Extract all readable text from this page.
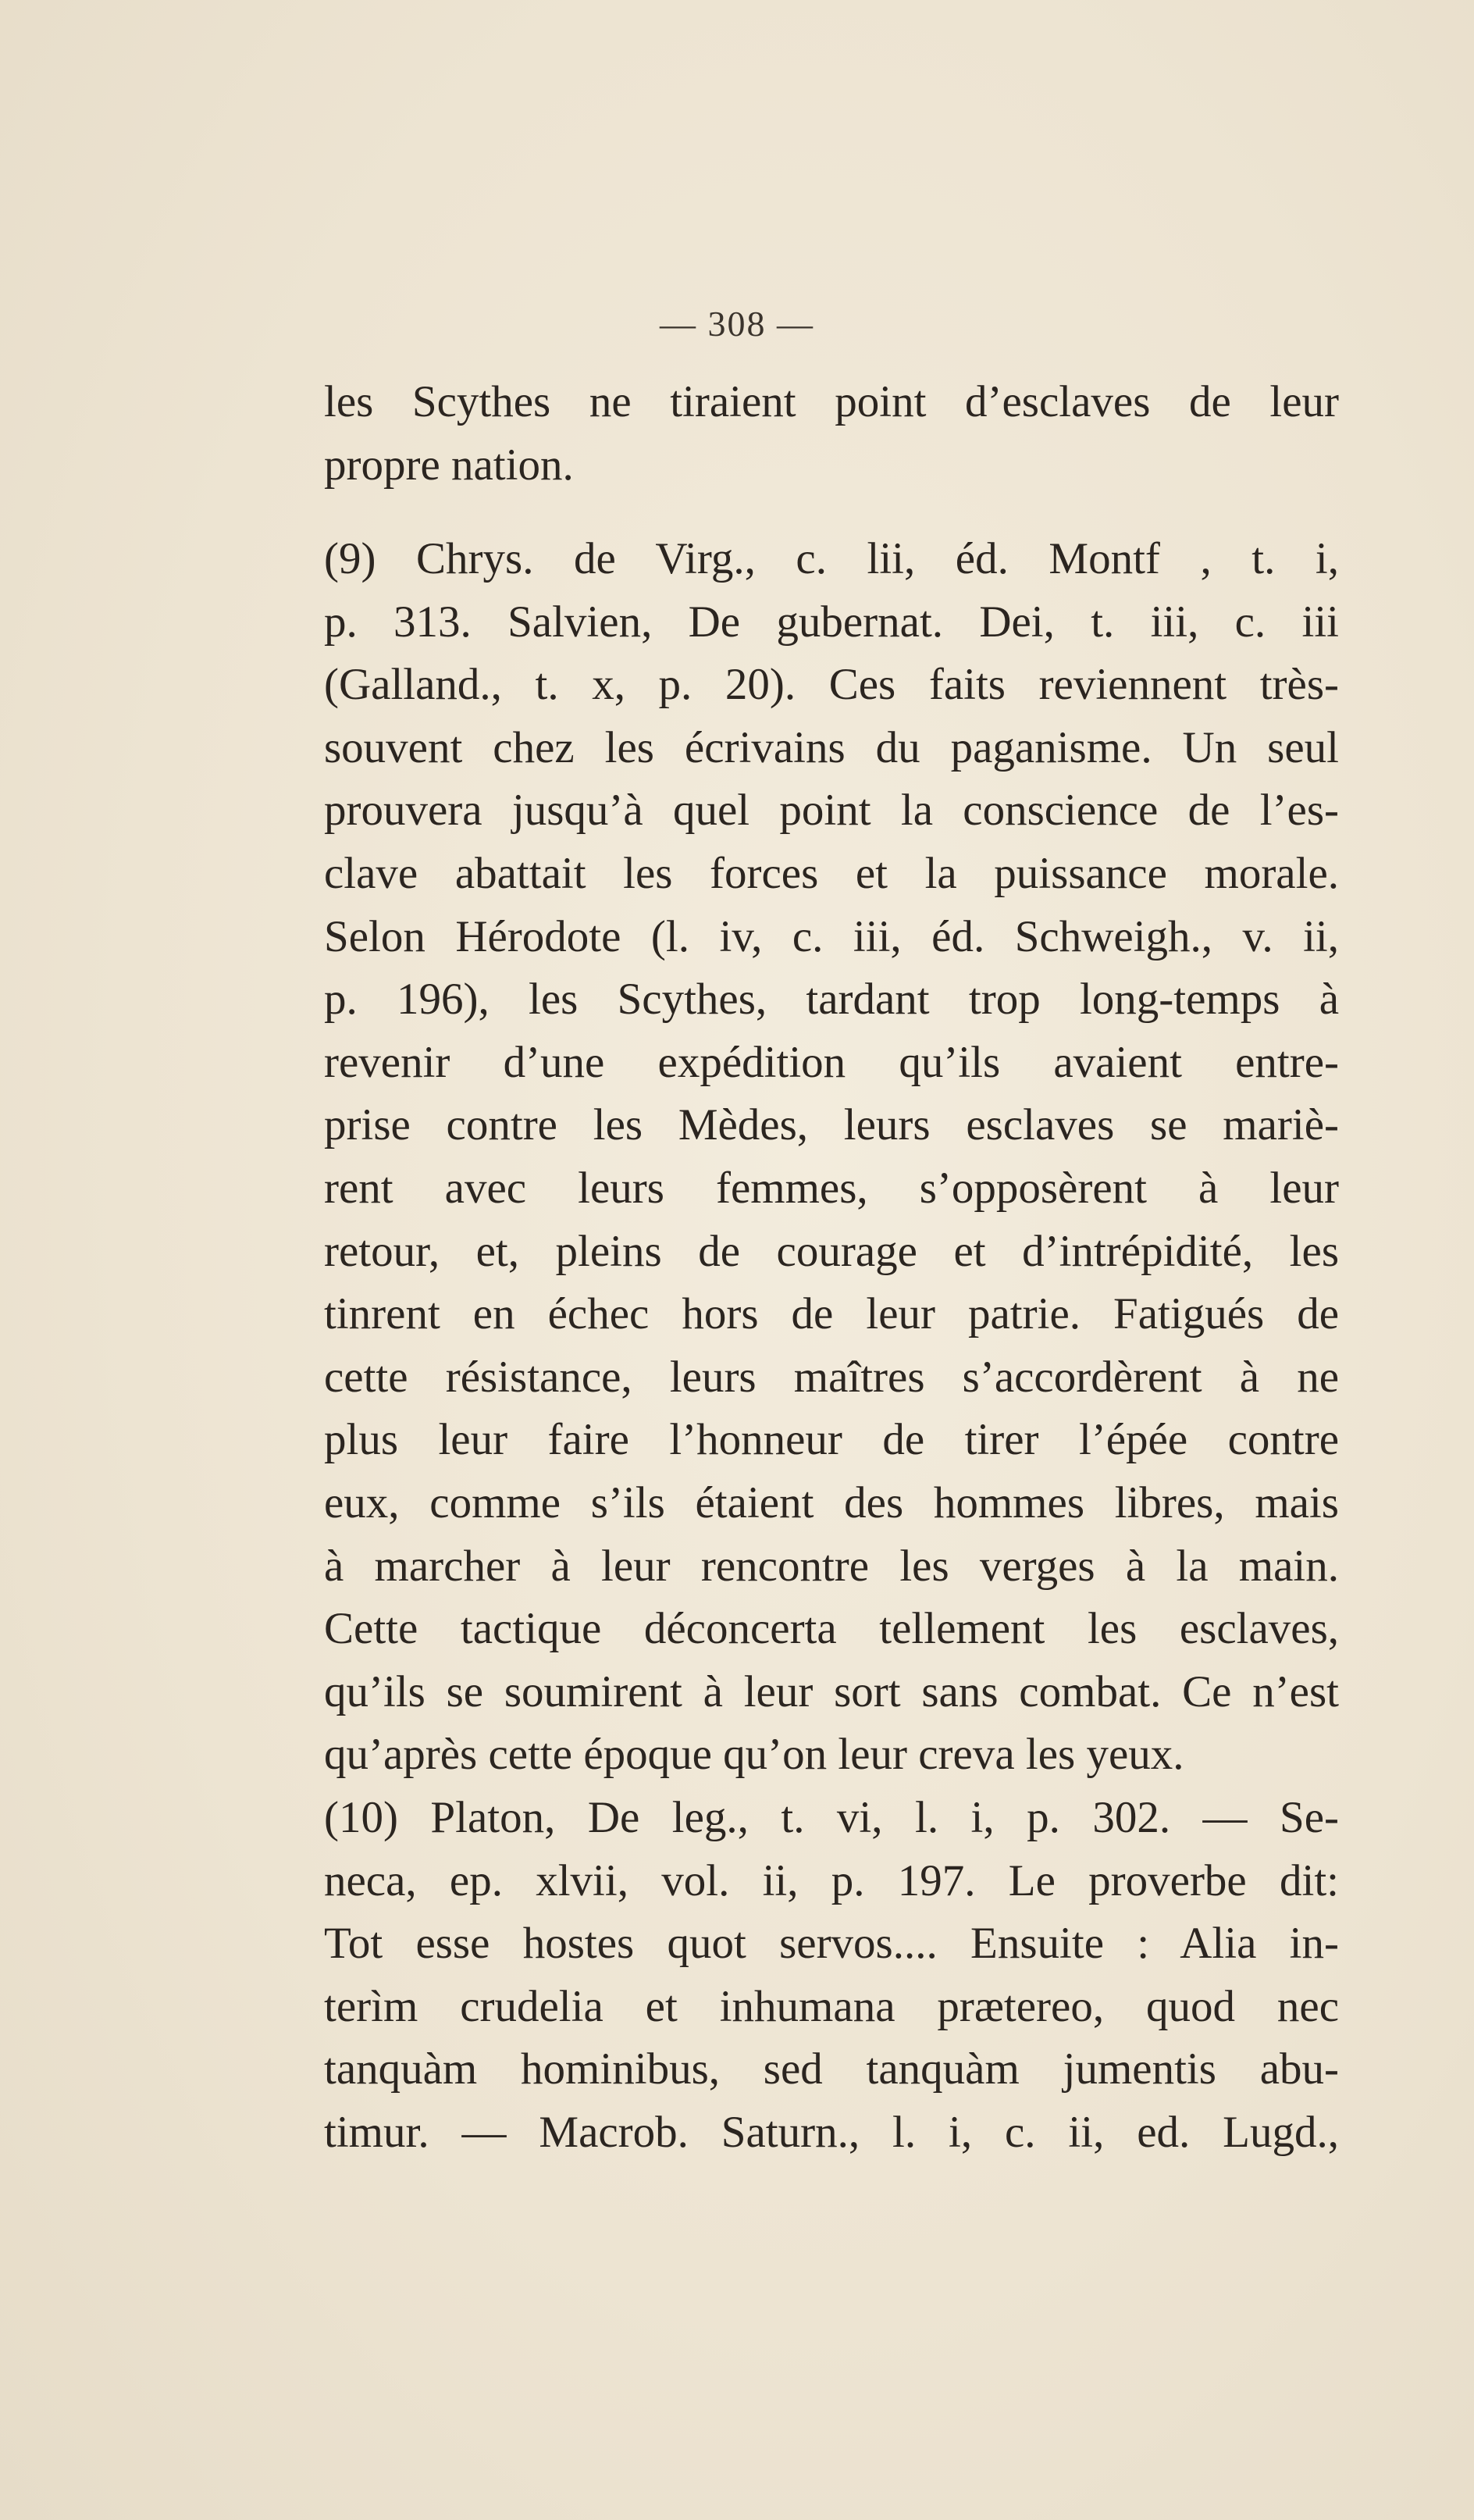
— 308 —
les Scythes ne tiraient point d’esclaves de leur
propre nation.
(9) Chrys. de Virg., c. lii, éd. Montf , t. i,
p. 313. Salvien, De gubernat. Dei, t. iii, c. iii
(Galland., t. x, p. 20). Ces faits reviennent très-
souvent chez les écrivains du paganisme. Un seul
prouvera jusqu’à quel point la conscience de l’es-
clave abattait les forces et la puissance morale.
Selon Hérodote (l. iv, c. iii, éd. Schweigh., v. ii,
p. 196), les Scythes, tardant trop long-temps à
revenir d’une expédition qu’ils avaient entre-
prise contre les Mèdes, leurs esclaves se mariè-
rent avec leurs femmes, s’opposèrent à leur
retour, et, pleins de courage et d’intrépidité, les
tinrent en échec hors de leur patrie. Fatigués de
cette résistance, leurs maîtres s’accordèrent à ne
plus leur faire l’honneur de tirer l’épée contre
eux, comme s’ils étaient des hommes libres, mais
à marcher à leur rencontre les verges à la main.
Cette tactique déconcerta tellement les esclaves,
qu’ils se soumirent à leur sort sans combat. Ce n’est
qu’après cette époque qu’on leur creva les yeux.
(10) Platon, De leg., t. vi, l. i, p. 302. — Se-
neca, ep. xlvii, vol. ii, p. 197. Le proverbe dit:
Tot esse hostes quot servos.... Ensuite : Alia in-
terìm crudelia et inhumana prætereo, quod nec
tanquàm hominibus, sed tanquàm jumentis abu-
timur. — Macrob. Saturn., l. i, c. ii, ed. Lugd.,
